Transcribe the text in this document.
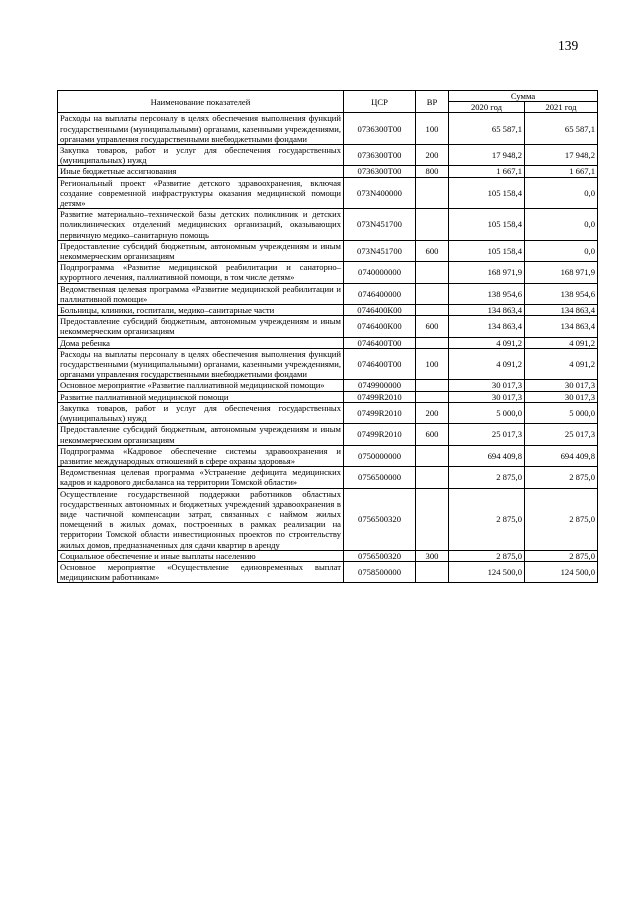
139
Наименование показателей	ЦСР	ВР	Сумма	
			2020 год	2021 год
Расходы на выплаты персоналу в целях обеспечения выполнения функций государственными (муниципальными) органами, казенными учреждениями, органами управления государственными внебюджетными фондами	0736300Т00	100	65 587,1	65 587,1
Закупка товаров, работ и услуг для обеспечения государственных (муниципальных) нужд	0736300Т00	200	17 948,2	17 948,2
Иные бюджетные ассигнования	0736300Т00	800	1 667,1	1 667,1
Региональный проект «Развитие детского здравоохранения, включая создание современной инфраструктуры оказания медицинской помощи детям»	073N400000		105 158,4	0,0
Развитие материально–технической базы детских поликлиник и детских поликлинических отделений медицинских организаций, оказывающих первичную медико–санитарную помощь	073N451700		105 158,4	0,0
Предоставление субсидий бюджетным, автономным учреждениям и иным некоммерческим организациям	073N451700	600	105 158,4	0,0
Подпрограмма «Развитие медицинской реабилитации и санаторно–курортного лечения, паллиативной помощи, в том числе детям»	0740000000		168 971,9	168 971,9
Ведомственная целевая программа «Развитие медицинской реабилитации и паллиативной помощи»	0746400000		138 954,6	138 954,6
Больницы, клиники, госпитали, медико–санитарные части	0746400К00		134 863,4	134 863,4
Предоставление субсидий бюджетным, автономным учреждениям и иным некоммерческим организациям	0746400К00	600	134 863,4	134 863,4
Дома ребенка	0746400Т00		4 091,2	4 091,2
Расходы на выплаты персоналу в целях обеспечения выполнения функций государственными (муниципальными) органами, казенными учреждениями, органами управления государственными внебюджетными фондами	0746400Т00	100	4 091,2	4 091,2
Основное мероприятие «Развитие паллиативной медицинской помощи»	0749900000		30 017,3	30 017,3
Развитие паллиативной медицинской помощи	07499R2010		30 017,3	30 017,3
Закупка товаров, работ и услуг для обеспечения государственных (муниципальных) нужд	07499R2010	200	5 000,0	5 000,0
Предоставление субсидий бюджетным, автономным учреждениям и иным некоммерческим организациям	07499R2010	600	25 017,3	25 017,3
Подпрограмма «Кадровое обеспечение системы здравоохранения и развитие международных отношений в сфере охраны здоровья»	0750000000		694 409,8	694 409,8
Ведомственная целевая программа «Устранение дефицита медицинских кадров и кадрового дисбаланса на территории Томской области»	0756500000		2 875,0	2 875,0
Осуществление государственной поддержки работников областных государственных автономных и бюджетных учреждений здравоохранения в виде частичной компенсации затрат, связанных с наймом жилых помещений в жилых домах, построенных в рамках реализации на территории Томской области инвестиционных проектов по строительству жилых домов, предназначенных для сдачи квартир в аренду	0756500320		2 875,0	2 875,0
Социальное обеспечение и иные выплаты населению	0756500320	300	2 875,0	2 875,0
Основное мероприятие «Осуществление единовременных выплат медицинским работникам»	0758500000		124 500,0	124 500,0
